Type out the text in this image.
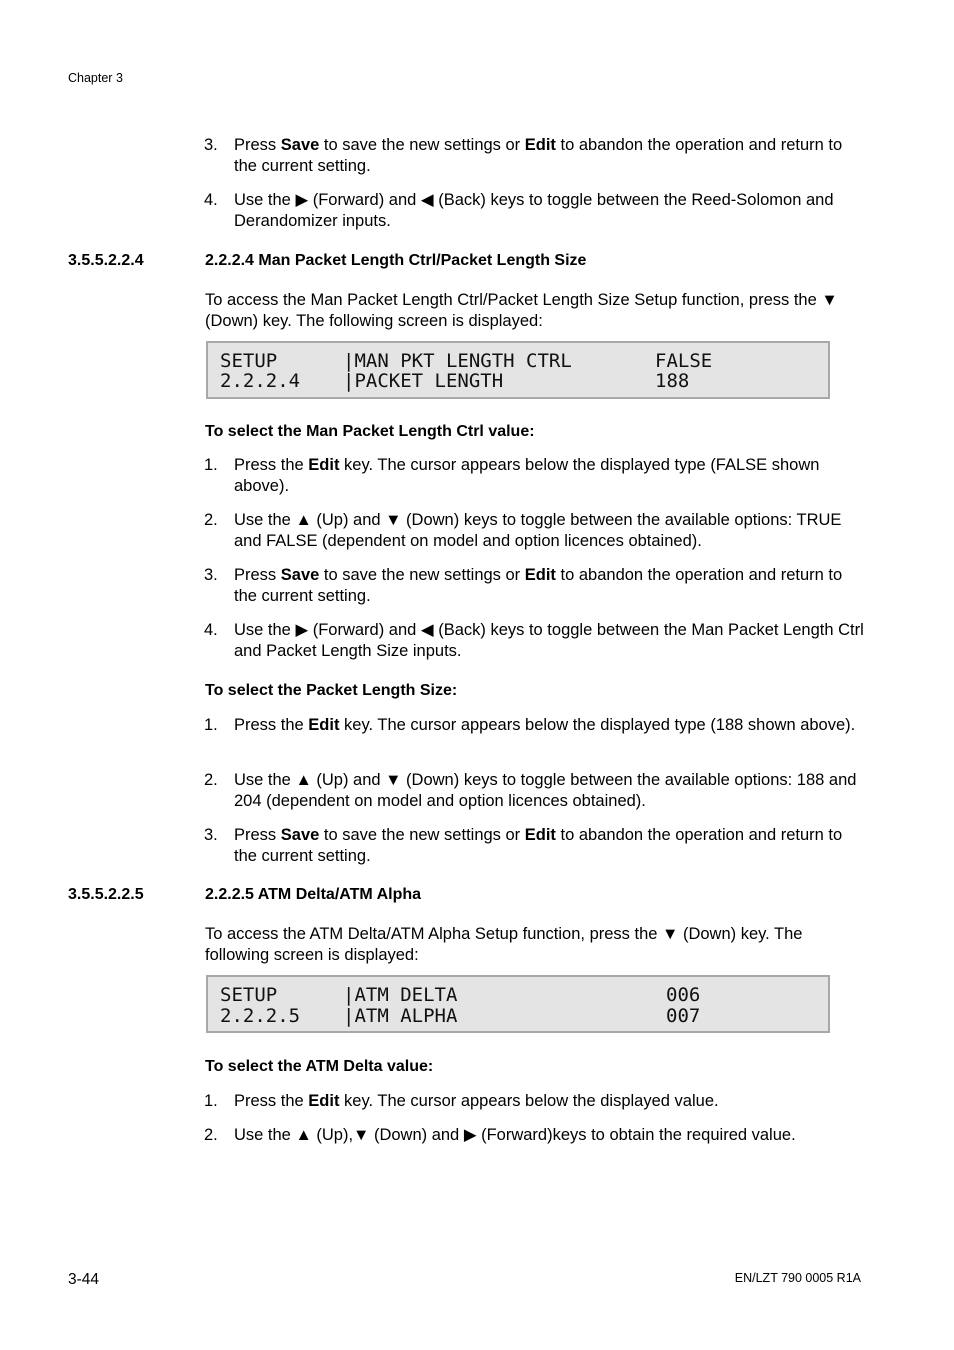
Chapter 3
3. Press Save to save the new settings or Edit to abandon the operation and return to the current setting.
4. Use the ▶ (Forward) and ◀ (Back) keys to toggle between the Reed-Solomon and Derandomizer inputs.
3.5.5.2.2.4	2.2.2.4 Man Packet Length Ctrl/Packet Length Size
To access the Man Packet Length Ctrl/Packet Length Size Setup function, press the ▼ (Down) key. The following screen is displayed:
SETUP	|MAN PKT LENGTH CTRL	FALSE
2.2.2.4 |PACKET LENGTH	188
To select the Man Packet Length Ctrl value:
1. Press the Edit key. The cursor appears below the displayed type (FALSE shown above).
2. Use the ▲ (Up) and ▼ (Down) keys to toggle between the available options: TRUE and FALSE (dependent on model and option licences obtained).
3. Press Save to save the new settings or Edit to abandon the operation and return to the current setting.
4. Use the ▶ (Forward) and ◀ (Back) keys to toggle between the Man Packet Length Ctrl and Packet Length Size inputs.
To select the Packet Length Size:
1. Press the Edit key. The cursor appears below the displayed type (188 shown above).
2. Use the ▲ (Up) and ▼ (Down) keys to toggle between the available options: 188 and 204 (dependent on model and option licences obtained).
3. Press Save to save the new settings or Edit to abandon the operation and return to the current setting.
3.5.5.2.2.5	2.2.2.5 ATM Delta/ATM Alpha
To access the ATM Delta/ATM Alpha Setup function, press the ▼ (Down) key. The following screen is displayed:
SETUP	|ATM DELTA	006
2.2.2.5 |ATM ALPHA	007
To select the ATM Delta value:
1. Press the Edit key. The cursor appears below the displayed value.
2. Use the ▲ (Up),▼ (Down) and ▶ (Forward)keys to obtain the required value.
3-44	EN/LZT 790 0005 R1A
